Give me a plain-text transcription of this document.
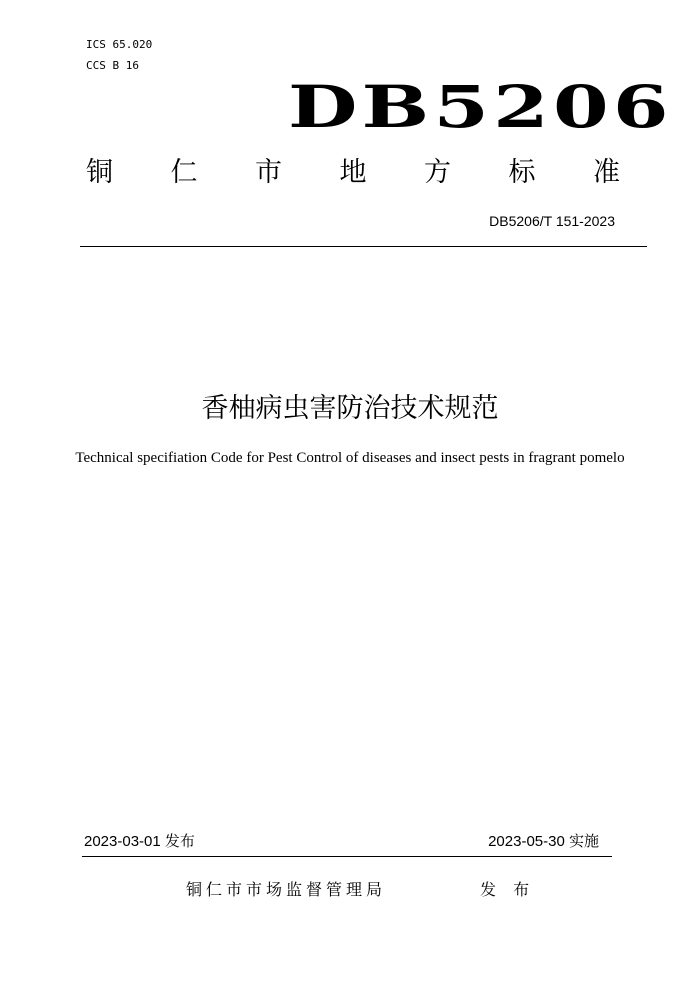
ICS 65.020
CCS B 16
DB5206
铜 仁 市 地 方 标 准
DB5206/T 151-2023
香柚病虫害防治技术规范
Technical specifiation Code for Pest Control of diseases and insect pests in fragrant pomelo
2023-03-01 发布	2023-05-30 实施
铜仁市市场监督管理局	发 布
